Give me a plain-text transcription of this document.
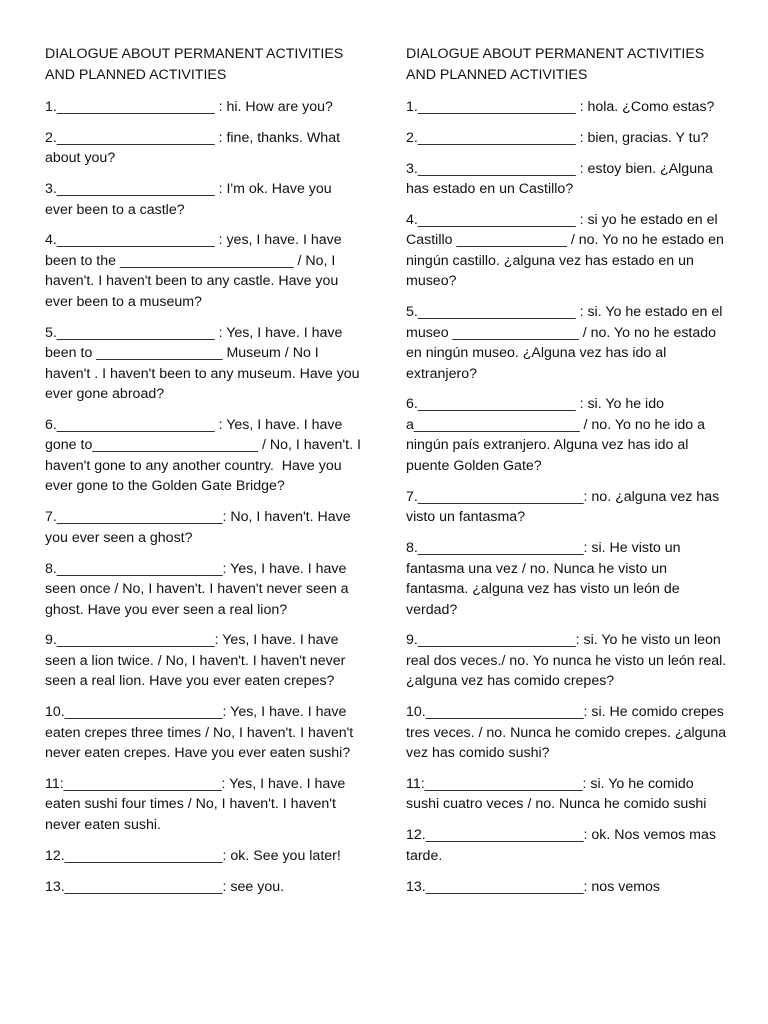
DIALOGUE ABOUT PERMANENT ACTIVITIES AND PLANNED ACTIVITIES
1.____________________ : hi. How are you?
2.____________________ : fine, thanks. What about you?
3.____________________ : I'm ok. Have you ever been to a castle?
4.____________________ : yes, I have. I have been to the ______________________ / No, I haven't. I haven't been to any castle. Have you ever been to a museum?
5.____________________ : Yes, I have. I have been to ________________ Museum / No I haven't . I haven't been to any museum. Have you ever gone abroad?
6.____________________ : Yes, I have. I have gone to_____________________ / No, I haven't. I haven't gone to any another country.  Have you ever gone to the Golden Gate Bridge?
7._____________________: No, I haven't. Have you ever seen a ghost?
8._____________________: Yes, I have. I have seen once / No, I haven't. I haven't never seen a ghost. Have you ever seen a real lion?
9.____________________: Yes, I have. I have seen a lion twice. / No, I haven't. I haven't never seen a real lion. Have you ever eaten crepes?
10.____________________: Yes, I have. I have eaten crepes three times / No, I haven't. I haven't never eaten crepes. Have you ever eaten sushi?
11:____________________: Yes, I have. I have eaten sushi four times / No, I haven't. I haven't never eaten sushi.
12.____________________: ok. See you later!
13.____________________: see you.
DIALOGUE ABOUT PERMANENT ACTIVITIES AND PLANNED ACTIVITIES
1.____________________ : hola. ¿Como estas?
2.____________________ : bien, gracias. Y tu?
3.____________________ : estoy bien. ¿Alguna has estado en un Castillo?
4.____________________ : si yo he estado en el Castillo ______________ / no. Yo no he estado en ningún castillo. ¿alguna vez has estado en un museo?
5.____________________ : si. Yo he estado en el museo ________________ / no. Yo no he estado en ningún museo. ¿Alguna vez has ido al extranjero?
6.____________________ : si. Yo he ido a_____________________ / no. Yo no he ido a ningún país extranjero. Alguna vez has ido al puente Golden Gate?
7._____________________: no. ¿alguna vez has visto un fantasma?
8._____________________: si. He visto un fantasma una vez / no. Nunca he visto un fantasma. ¿alguna vez has visto un león de verdad?
9.____________________: si. Yo he visto un leon real dos veces./ no. Yo nunca he visto un león real. ¿alguna vez has comido crepes?
10.____________________: si. He comido crepes tres veces. / no. Nunca he comido crepes. ¿alguna vez has comido sushi?
11:____________________: si. Yo he comido sushi cuatro veces / no. Nunca he comido sushi
12.____________________: ok. Nos vemos mas tarde.
13.____________________: nos vemos
